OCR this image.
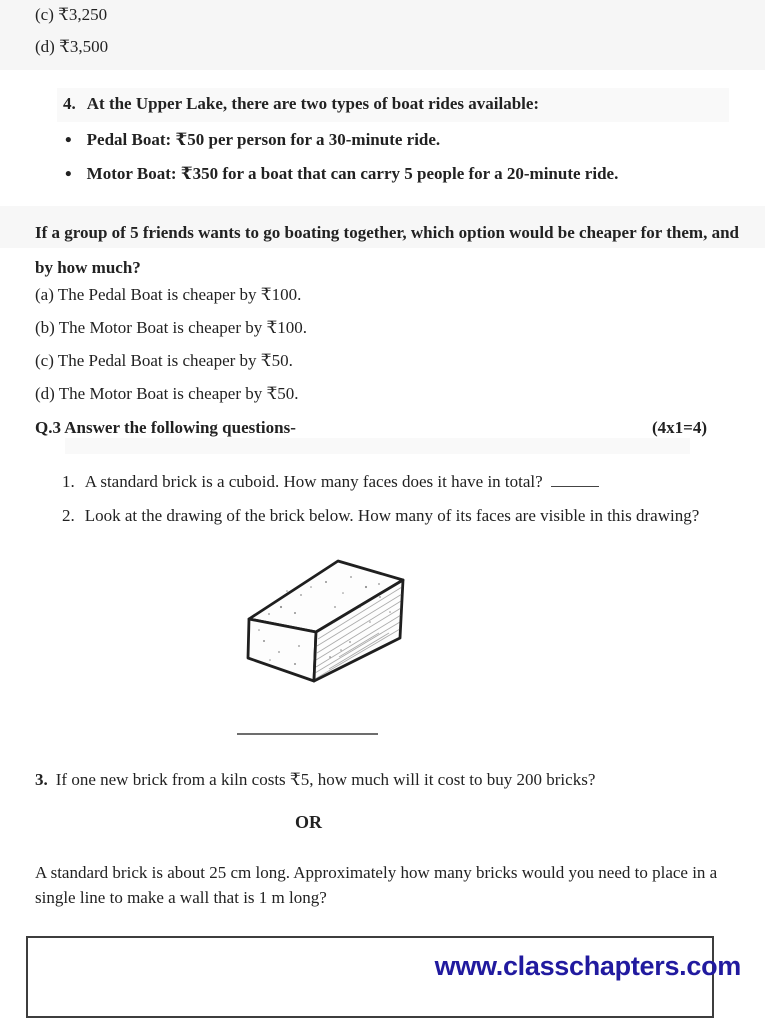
(c) ₹3,250
(d) ₹3,500
4. At the Upper Lake, there are two types of boat rides available:
• Pedal Boat: ₹50 per person for a 30-minute ride.
• Motor Boat: ₹350 for a boat that can carry 5 people for a 20-minute ride.
If a group of 5 friends wants to go boating together, which option would be cheaper for them, and by how much?
(a) The Pedal Boat is cheaper by ₹100.
(b) The Motor Boat is cheaper by ₹100.
(c) The Pedal Boat is cheaper by ₹50.
(d) The Motor Boat is cheaper by ₹50.
Q.3 Answer the following questions-	(4x1=4)
1. A standard brick is a cuboid. How many faces does it have in total?
2. Look at the drawing of the brick below. How many of its faces are visible in this drawing?
3. If one new brick from a kiln costs ₹5, how much will it cost to buy 200 bricks?
OR
A standard brick is about 25 cm long. Approximately how many bricks would you need to place in a single line to make a wall that is 1 m long?
www.classchapters.com
